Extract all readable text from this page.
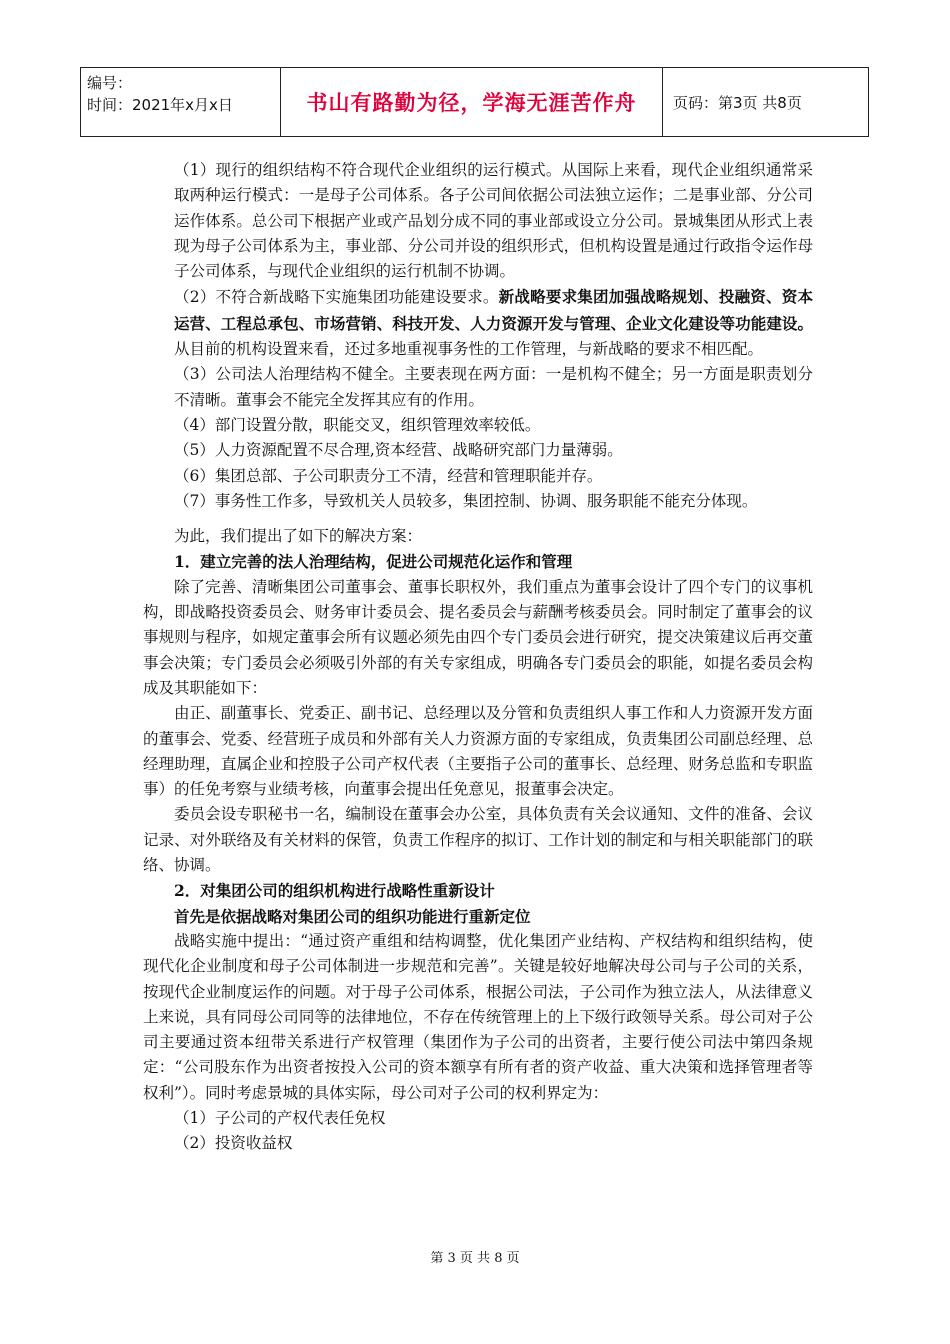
编号：
时间：2021年x月x日	书山有路勤为径，学海无涯苦作舟 页码：第3页 共8页

（1）现行的组织结构不符合现代企业组织的运行模式。从国际上来看，现代企业组织通常采取两种运行模式：一是母子公司体系。各子公司间依据公司法独立运作；二是事业部、分公司运作体系。总公司下根据产业或产品划分成不同的事业部或设立分公司。景城集团从形式上表现为母子公司体系为主，事业部、分公司并设的组织形式，但机构设置是通过行政指令运作母子公司体系，与现代企业组织的运行机制不协调。

（2）不符合新战略下实施集团功能建设要求。新战略要求集团加强战略规划、投融资、资本运营、工程总承包、市场营销、科技开发、人力资源开发与管理、企业文化建设等功能建设。从目前的机构设置来看，还过多地重视事务性的工作管理，与新战略的要求不相匹配。

（3）公司法人治理结构不健全。主要表现在两方面：一是机构不健全；另一方面是职责划分不清晰。董事会不能完全发挥其应有的作用。

（4）部门设置分散，职能交叉，组织管理效率较低。

（5）人力资源配置不尽合理,资本经营、战略研究部门力量薄弱。

（6）集团总部、子公司职责分工不清，经营和管理职能并存。

（7）事务性工作多，导致机关人员较多，集团控制、协调、服务职能不能充分体现。

为此，我们提出了如下的解决方案：

1．建立完善的法人治理结构，促进公司规范化运作和管理

除了完善、清晰集团公司董事会、董事长职权外，我们重点为董事会设计了四个专门的议事机构，即战略投资委员会、财务审计委员会、提名委员会与薪酬考核委员会。同时制定了董事会的议事规则与程序，如规定董事会所有议题必须先由四个专门委员会进行研究，提交决策建议后再交董事会决策；专门委员会必须吸引外部的有关专家组成，明确各专门委员会的职能，如提名委员会构成及其职能如下：

由正、副董事长、党委正、副书记、总经理以及分管和负责组织人事工作和人力资源开发方面的董事会、党委、经营班子成员和外部有关人力资源方面的专家组成，负责集团公司副总经理、总经理助理，直属企业和控股子公司产权代表（主要指子公司的董事长、总经理、财务总监和专职监事）的任免考察与业绩考核，向董事会提出任免意见，报董事会决定。

委员会设专职秘书一名，编制设在董事会办公室，具体负责有关会议通知、文件的准备、会议记录、对外联络及有关材料的保管，负责工作程序的拟订、工作计划的制定和与相关职能部门的联络、协调。

2．对集团公司的组织机构进行战略性重新设计

首先是依据战略对集团公司的组织功能进行重新定位

战略实施中提出：“通过资产重组和结构调整，优化集团产业结构、产权结构和组织结构，使现代化企业制度和母子公司体制进一步规范和完善”。关键是较好地解决母公司与子公司的关系，按现代企业制度运作的问题。对于母子公司体系，根据公司法，子公司作为独立法人，从法律意义上来说，具有同母公司同等的法律地位，不存在传统管理上的上下级行政领导关系。母公司对子公司主要通过资本纽带关系进行产权管理（集团作为子公司的出资者，主要行使公司法中第四条规定：“公司股东作为出资者按投入公司的资本额享有所有者的资产收益、重大决策和选择管理者等权利”）。同时考虑景城的具体实际，母公司对子公司的权利界定为：

（1）子公司的产权代表任免权

（2）投资收益权

第 3 页 共 8 页
